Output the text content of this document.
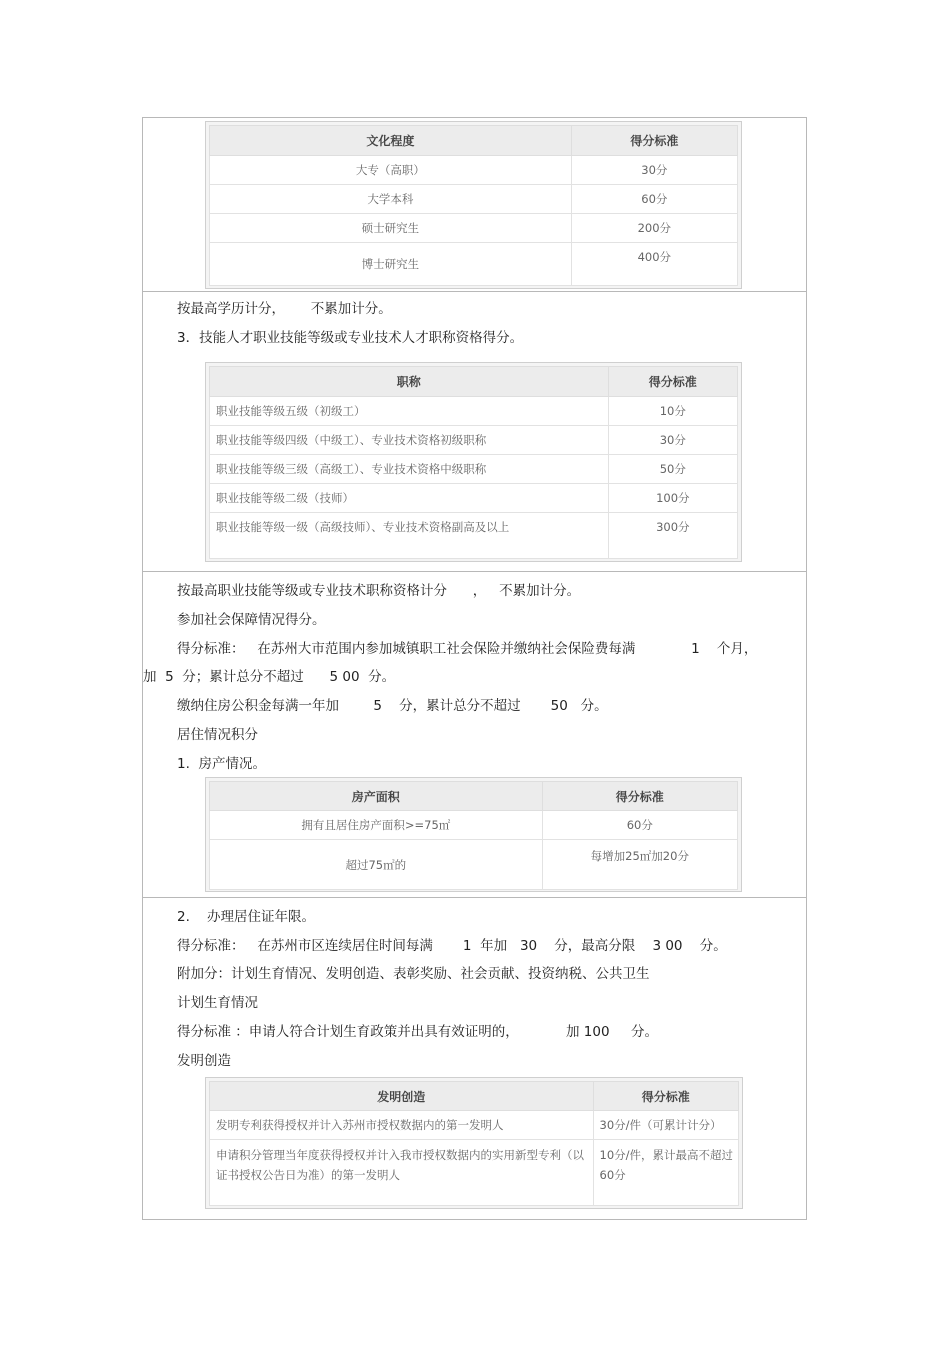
文化程度	得分标准
大专（高职）	30分
大学本科	60分
硕士研究生	200分
博士研究生	400分
按最高学历计分，      不累加计分。
3．技能人才职业技能等级或专业技术人才职称资格得分。
职称	得分标准
职业技能等级五级（初级工）	10分
职业技能等级四级（中级工）、专业技术资格初级职称	30分
职业技能等级三级（高级工）、专业技术资格中级职称	50分
职业技能等级二级（技师）	100分
职业技能等级一级（高级技师）、专业技术资格副高及以上	300分
按最高职业技能等级或专业技术职称资格计分      ，   不累加计分。
参加社会保障情况得分。
得分标准：   在苏州大市范围内参加城镇职工社会保险并缴纳社会保险费每满             1    个月，
加  5  分；累计总分不超过      5 00  分。
缴纳住房公积金每满一年加        5    分，累计总分不超过       50   分。
居住情况积分
1.  房产情况。
房产面积	得分标准
拥有且居住房产面积>=75㎡	60分
超过75㎡的	每增加25㎡加20分
2.    办理居住证年限。
得分标准：   在苏州市区连续居住时间每满       1  年加   30    分，最高分限    3 00    分。
附加分：计划生育情况、发明创造、表彰奖励、社会贡献、投资纳税、公共卫生
计划生育情况
得分标准 ：申请人符合计划生育政策并出具有效证明的，           加 100     分。
发明创造
发明创造	得分标准
发明专利获得授权并计入苏州市授权数据内的第一发明人	30分/件（可累计计分）
申请积分管理当年度获得授权并计入我市授权数据内的实用新型专利（以证书授权公告日为准）的第一发明人	10分/件，累计最高不超过60分
